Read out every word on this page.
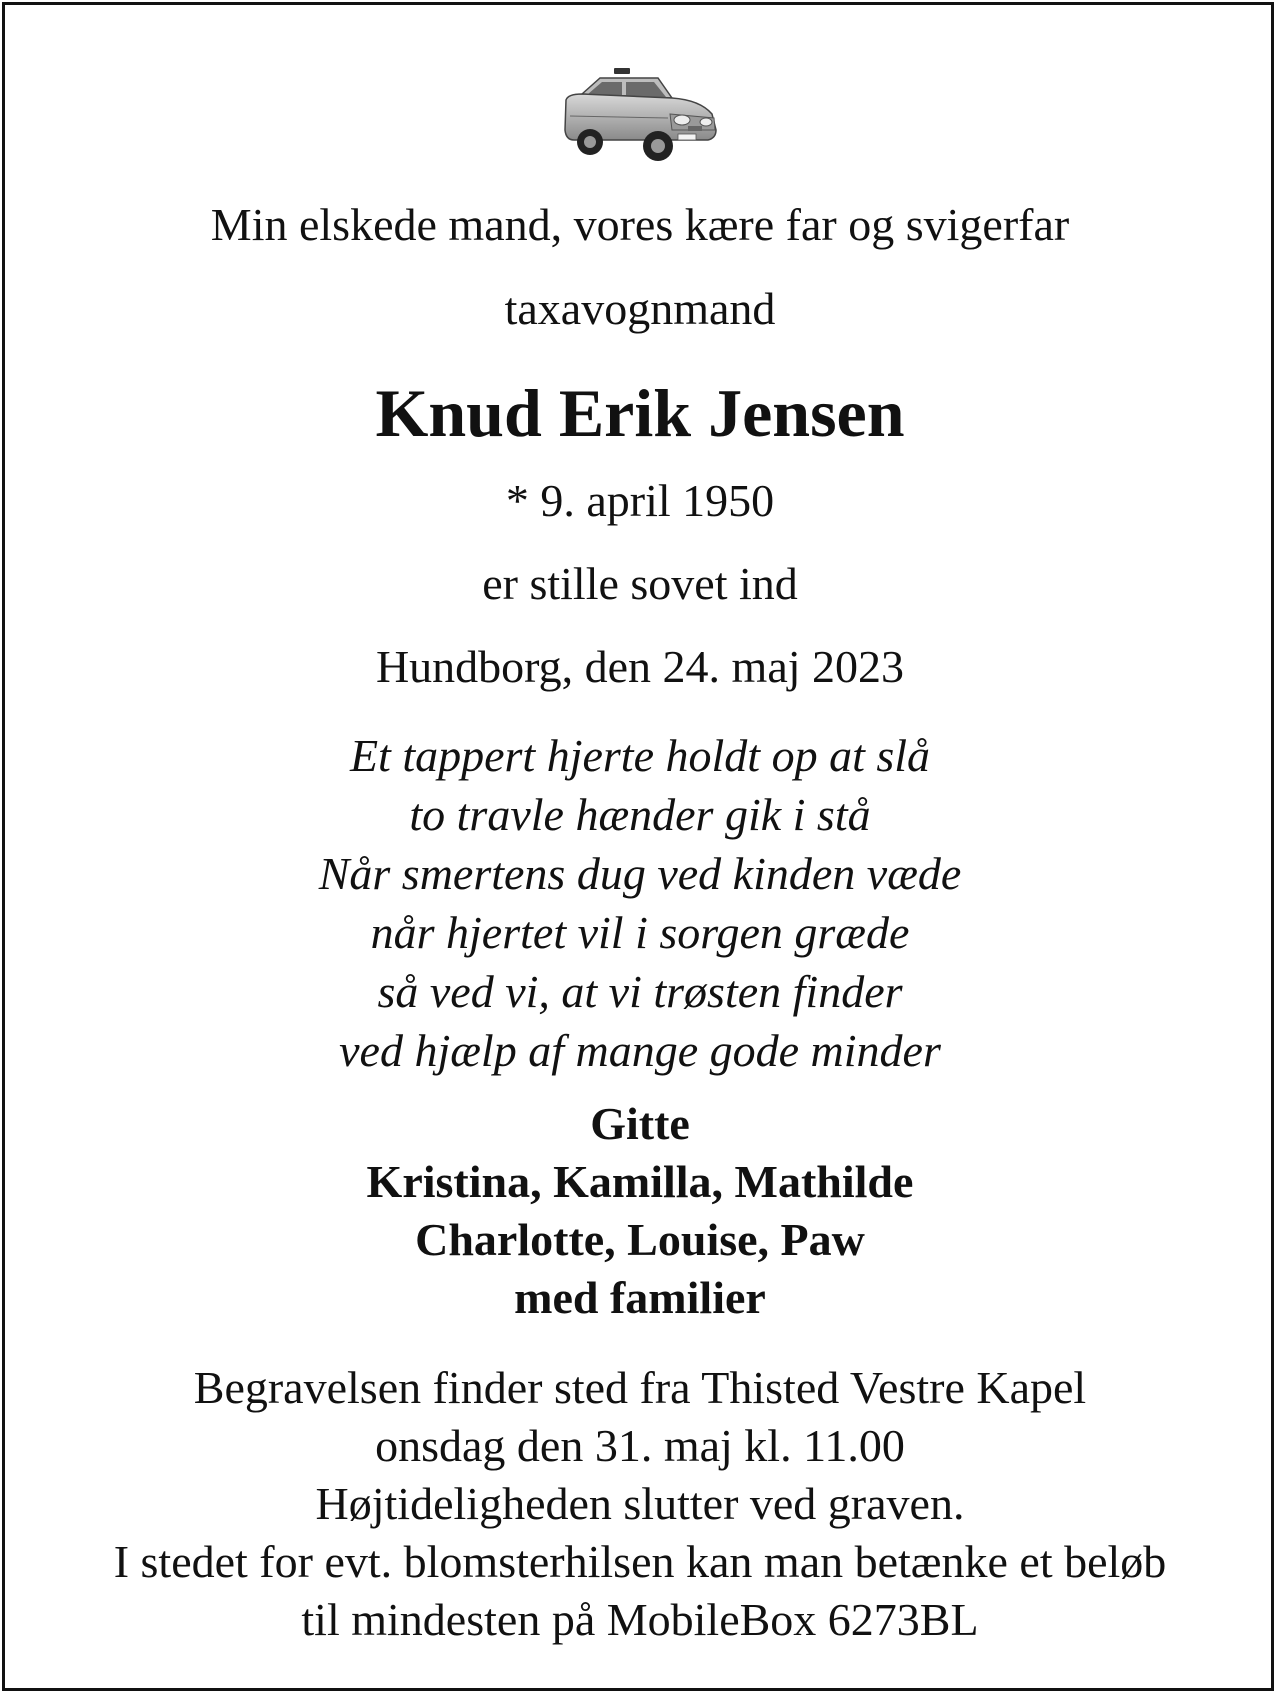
Min elskede mand, vores kære far og svigerfar
taxavognmand
Knud Erik Jensen
* 9. april 1950
er stille sovet ind
Hundborg, den 24. maj 2023
Et tappert hjerte holdt op at slå
to travle hænder gik i stå
Når smertens dug ved kinden væde
når hjertet vil i sorgen græde
så ved vi, at vi trøsten finder
ved hjælp af mange gode minder
Gitte
Kristina, Kamilla, Mathilde
Charlotte, Louise, Paw
med familier
Begravelsen finder sted fra Thisted Vestre Kapel
onsdag den 31. maj kl. 11.00
Højtideligheden slutter ved graven.
I stedet for evt. blomsterhilsen kan man betænke et beløb
til mindesten på MobileBox 6273BL
